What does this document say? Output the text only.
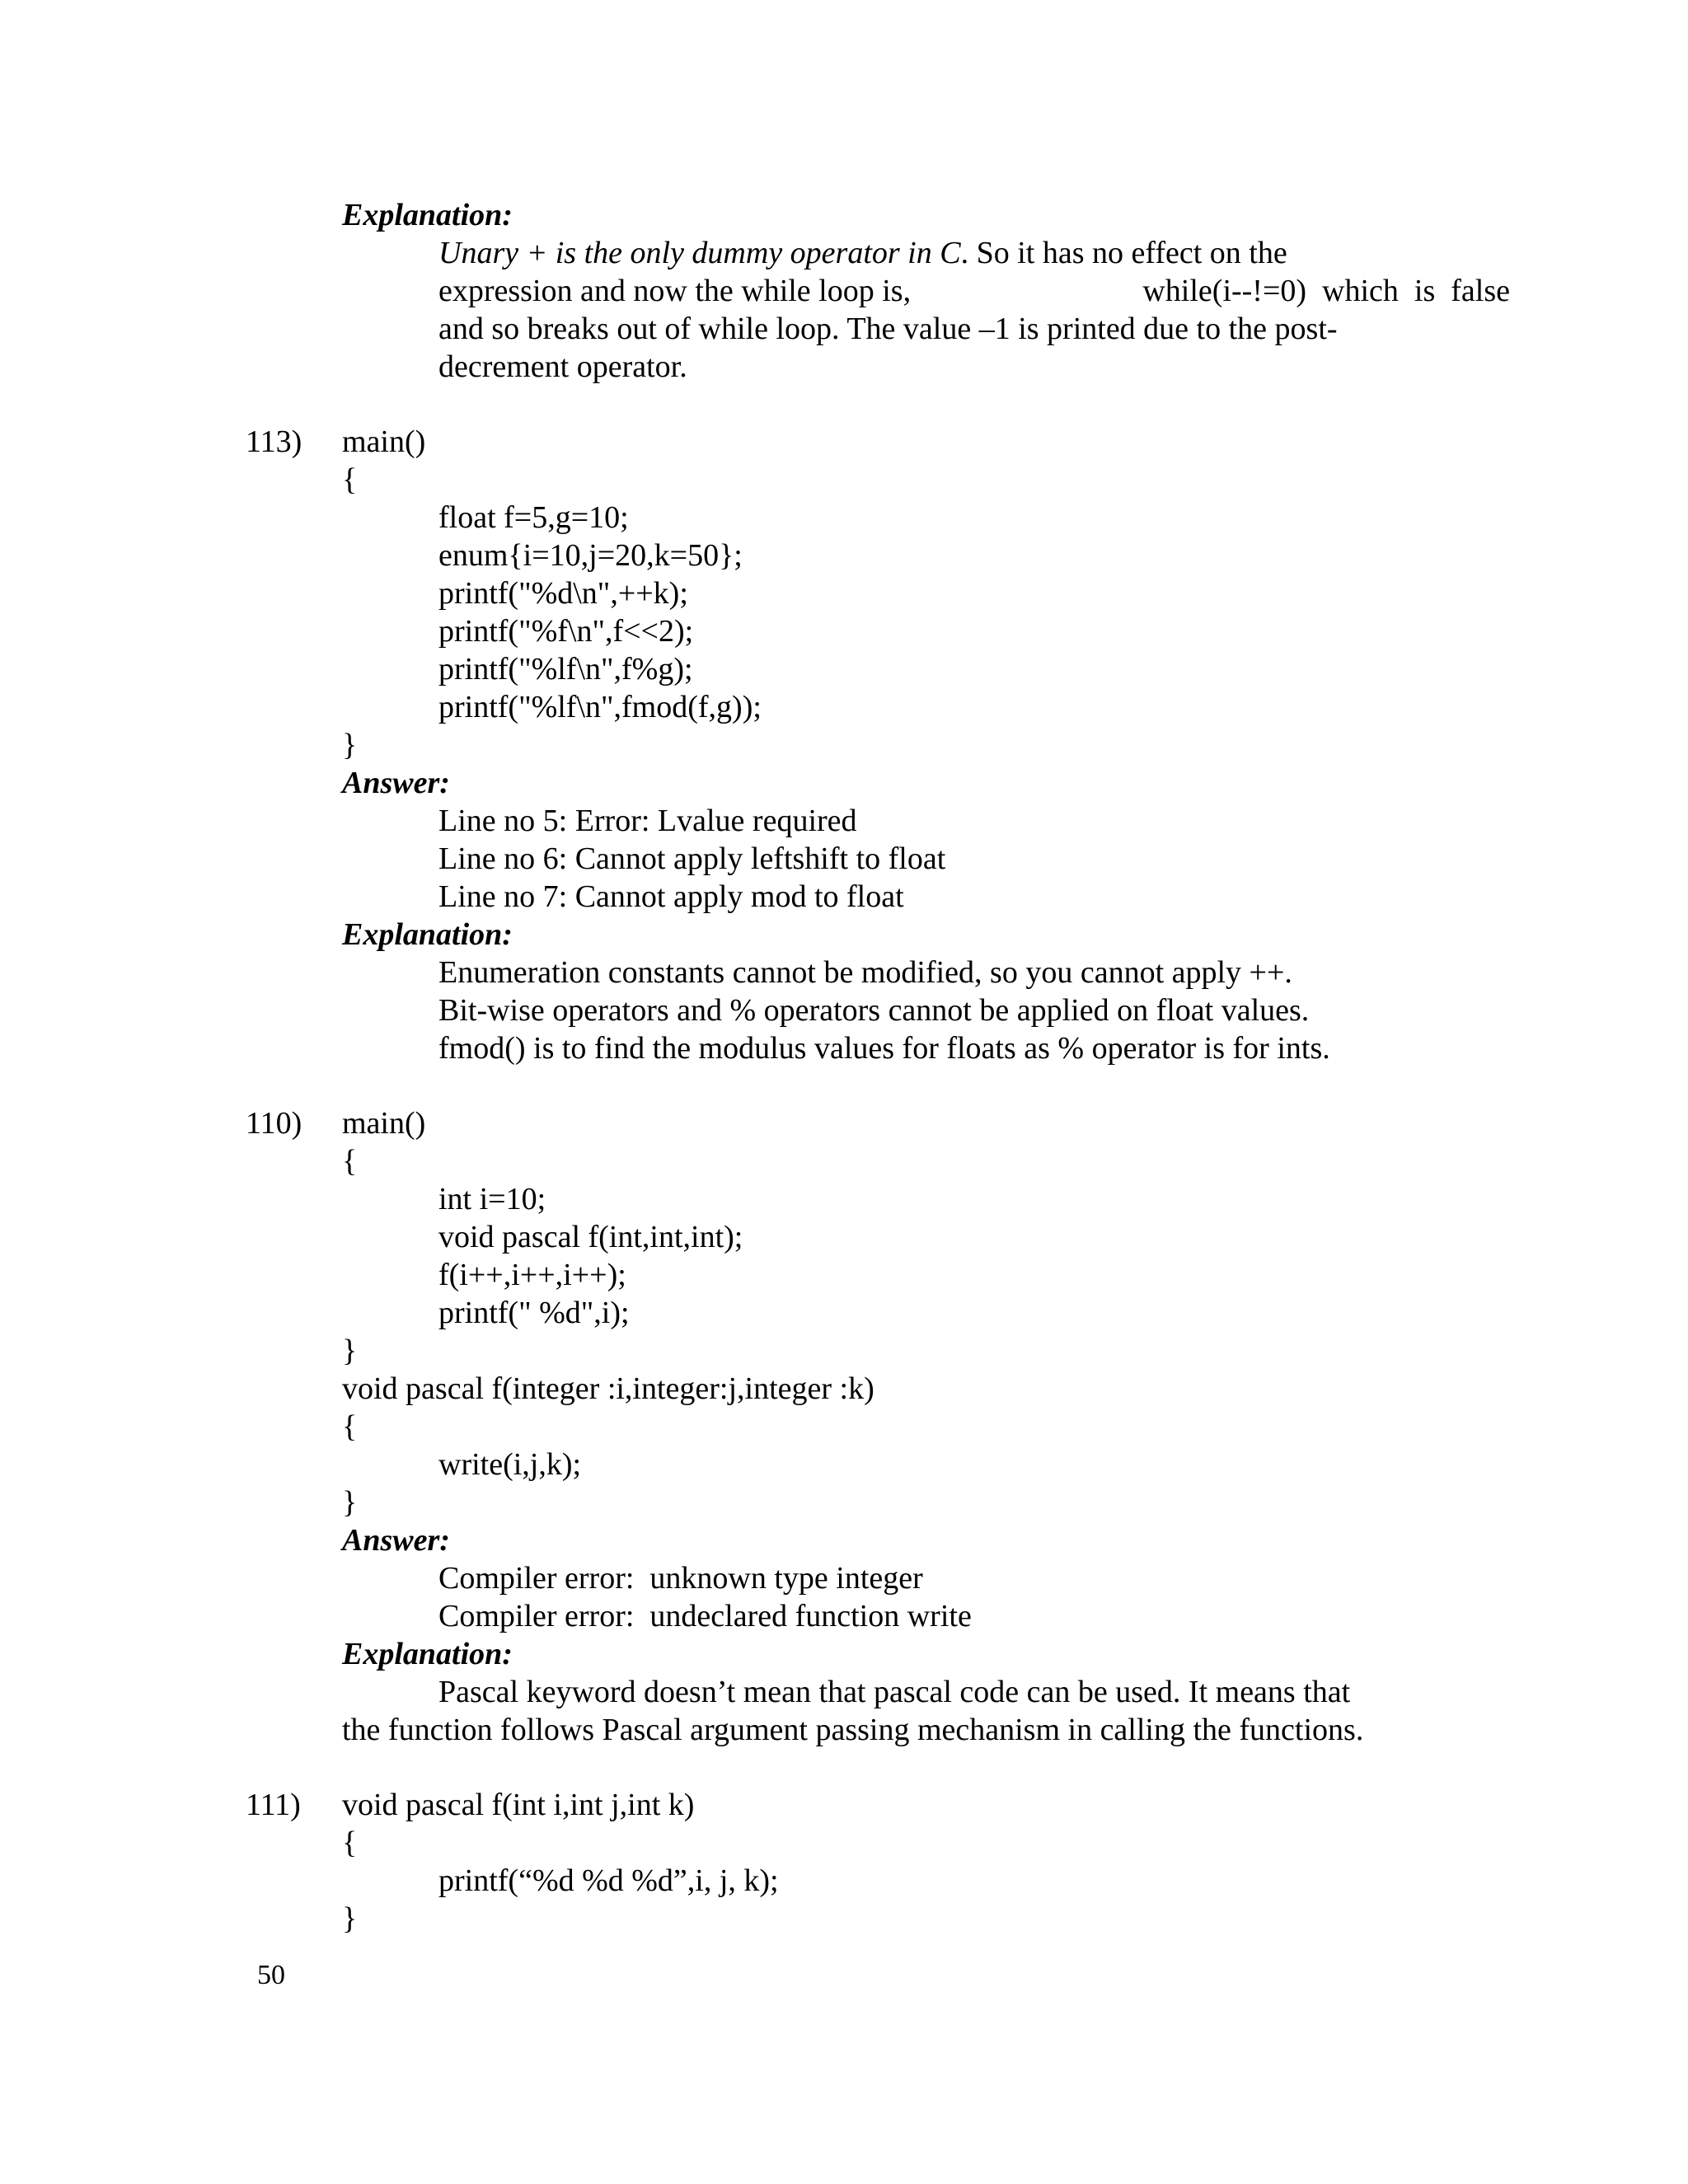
Explanation:
Unary + is the only dummy operator in C. So it has no effect on the
expression and now the while loop is,	while(i--!=0)  which  is  false
and so breaks out of while loop. The value –1 is printed due to the post-
decrement operator.
113) main()
{
float f=5,g=10;
enum{i=10,j=20,k=50};
printf("%d\n",++k);
printf("%f\n",f<<2);
printf("%lf\n",f%g);
printf("%lf\n",fmod(f,g));
}
Answer:
Line no 5: Error: Lvalue required
Line no 6: Cannot apply leftshift to float
Line no 7: Cannot apply mod to float
Explanation:
Enumeration constants cannot be modified, so you cannot apply ++.
Bit-wise operators and % operators cannot be applied on float values.
fmod() is to find the modulus values for floats as % operator is for ints.
110) main()
{
int i=10;
void pascal f(int,int,int);
f(i++,i++,i++);
printf(" %d",i);
}
void pascal f(integer :i,integer:j,integer :k)
{
write(i,j,k);
}
Answer:
Compiler error:  unknown type integer
Compiler error:  undeclared function write
Explanation:
Pascal keyword doesn’t mean that pascal code can be used. It means that
the function follows Pascal argument passing mechanism in calling the functions.
111) void pascal f(int i,int j,int k)
{
printf(“%d %d %d”,i, j, k);
}
50
